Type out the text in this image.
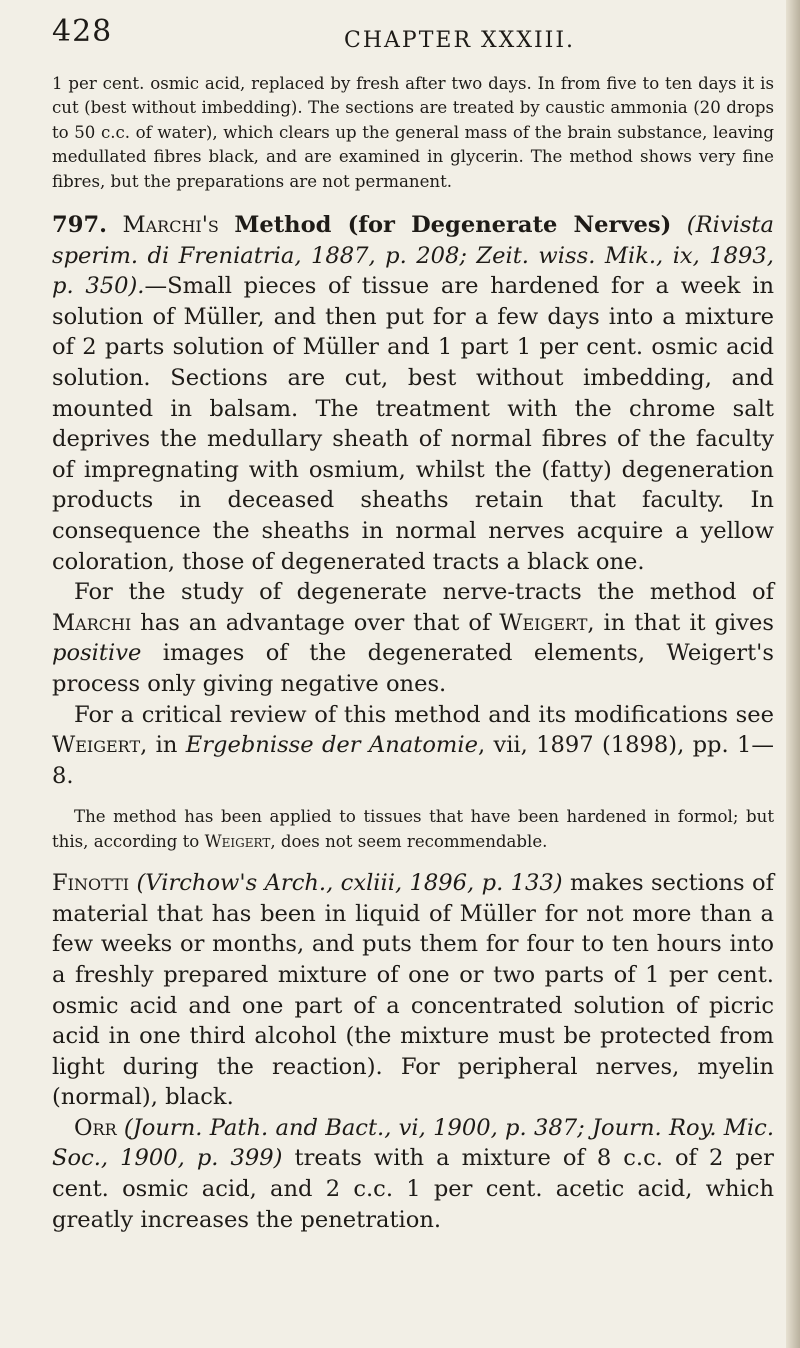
428	CHAPTER XXXIII.

1 per cent. osmic acid, replaced by fresh after two days. In from five to ten days it is cut (best without imbedding). The sections are treated by caustic ammonia (20 drops to 50 c.c. of water), which clears up the general mass of the brain substance, leaving medullated fibres black, and are examined in glycerin. The method shows very fine fibres, but the preparations are not permanent.

797. Marchi's Method (for Degenerate Nerves) (Rivista sperim. di Freniatria, 1887, p. 208; Zeit. wiss. Mik., ix, 1893, p. 350).—Small pieces of tissue are hardened for a week in solution of Müller, and then put for a few days into a mixture of 2 parts solution of Müller and 1 part 1 per cent. osmic acid solution. Sections are cut, best without imbedding, and mounted in balsam. The treatment with the chrome salt deprives the medullary sheath of normal fibres of the faculty of impregnating with osmium, whilst the (fatty) degeneration products in deceased sheaths retain that faculty. In consequence the sheaths in normal nerves acquire a yellow coloration, those of degenerated tracts a black one.

For the study of degenerate nerve-tracts the method of Marchi has an advantage over that of Weigert, in that it gives positive images of the degenerated elements, Weigert's process only giving negative ones.

For a critical review of this method and its modifications see Weigert, in Ergebnisse der Anatomie, vii, 1897 (1898), pp. 1—8.

The method has been applied to tissues that have been hardened in formol; but this, according to Weigert, does not seem recommendable.

Finotti (Virchow's Arch., cxliii, 1896, p. 133) makes sections of material that has been in liquid of Müller for not more than a few weeks or months, and puts them for four to ten hours into a freshly prepared mixture of one or two parts of 1 per cent. osmic acid and one part of a concentrated solution of picric acid in one third alcohol (the mixture must be protected from light during the reaction). For peripheral nerves, myelin (normal), black.

Orr (Journ. Path. and Bact., vi, 1900, p. 387; Journ. Roy. Mic. Soc., 1900, p. 399) treats with a mixture of 8 c.c. of 2 per cent. osmic acid, and 2 c.c. 1 per cent. acetic acid, which greatly increases the penetration.
